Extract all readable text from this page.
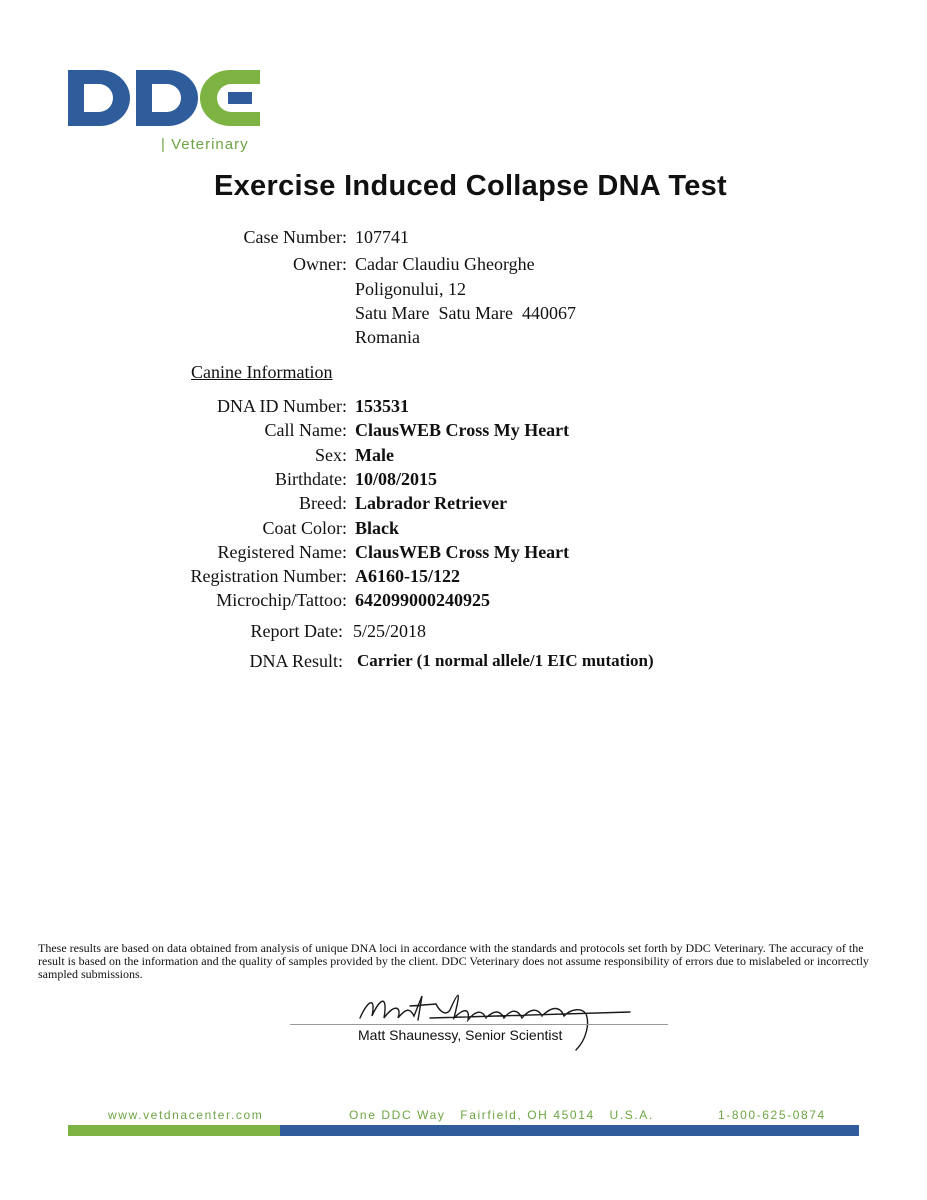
| Veterinary
Exercise Induced Collapse DNA Test
Case Number: 107741
Owner: Cadar Claudiu Gheorghe
Poligonului, 12
Satu Mare  Satu Mare  440067
Romania
Canine Information
DNA ID Number: 153531
Call Name: ClausWEB Cross My Heart
Sex: Male
Birthdate: 10/08/2015
Breed: Labrador Retriever
Coat Color: Black
Registered Name: ClausWEB Cross My Heart
Registration Number: A6160-15/122
Microchip/Tattoo: 642099000240925
Report Date: 5/25/2018
DNA Result: Carrier (1 normal allele/1 EIC mutation)
These results are based on data obtained from analysis of unique DNA loci in accordance with the standards and protocols set forth by DDC Veterinary. The accuracy of the result is based on the information and the quality of samples provided by the client. DDC Veterinary does not assume responsibility of errors due to mislabeled or incorrectly sampled submissions.
Matt Shaunessy, Senior Scientist
www.vetdnacenter.com	One DDC Way   Fairfield, OH 45014   U.S.A.	1-800-625-0874
